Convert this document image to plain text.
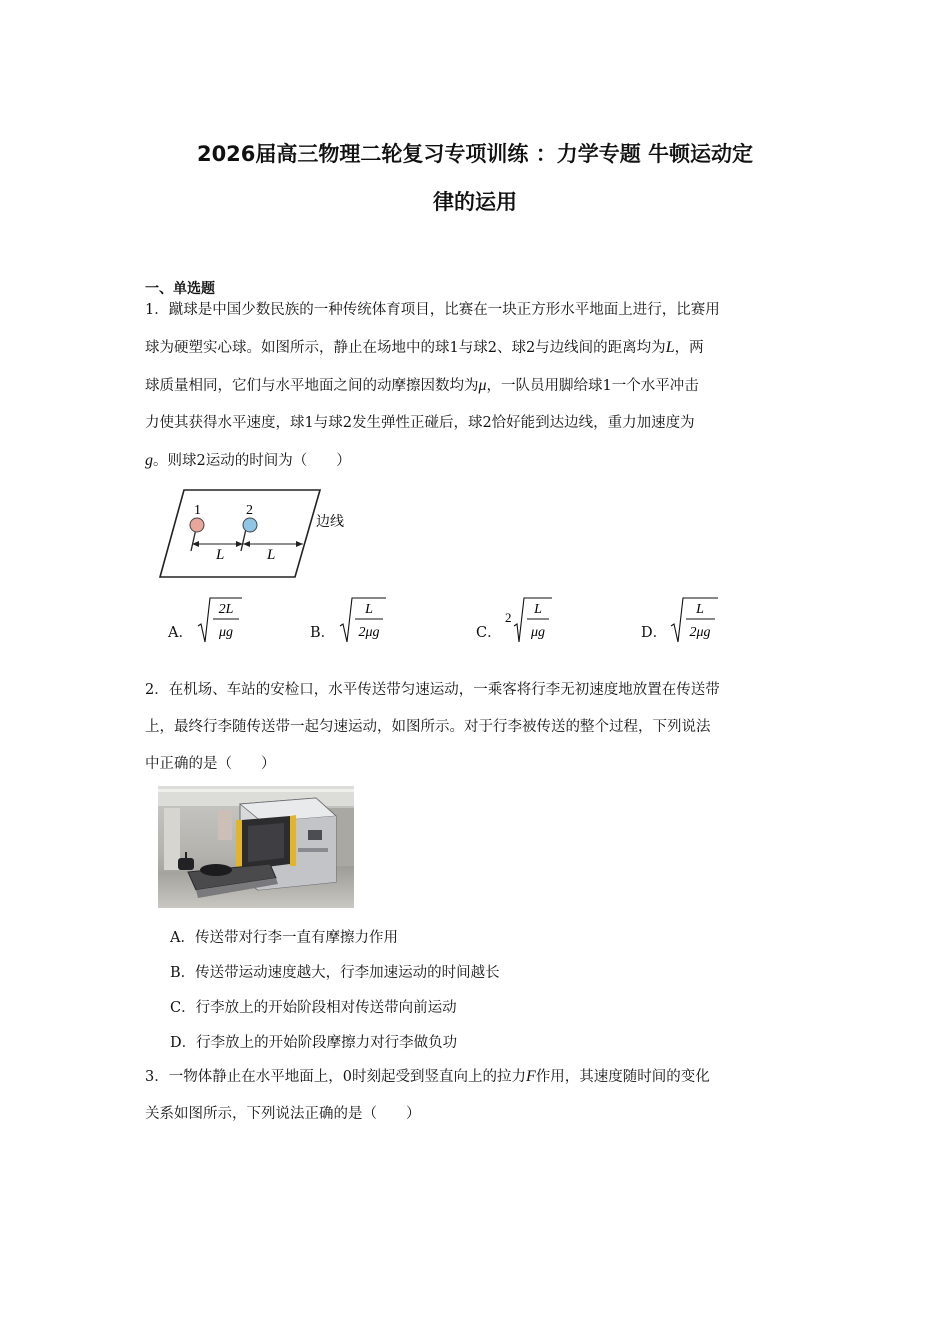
2026届高三物理二轮复习专项训练 ：力学专题 牛顿运动定
律的运用
一、单选题
1．蹴球是中国少数民族的一种传统体育项目，比赛在一块正方形水平地面上进行，比赛用
球为硬塑实心球。如图所示，静止在场地中的球1与球2、球2与边线间的距离均为L，两
球质量相同，它们与水平地面之间的动摩擦因数均为μ，一队员用脚给球1一个水平冲击
力使其获得水平速度，球1与球2发生弹性正碰后，球2恰好能到达边线，重力加速度为
g。则球2运动的时间为（　　）
1	2
L	L
边线
A．
2L
μg	B．
L
2μg	C．
2
L
μg	D．
L
2μg
2．在机场、车站的安检口，水平传送带匀速运动，一乘客将行李无初速度地放置在传送带
上，最终行李随传送带一起匀速运动，如图所示。对于行李被传送的整个过程，下列说法
中正确的是（　　）
A．传送带对行李一直有摩擦力作用
B．传送带运动速度越大，行李加速运动的时间越长
C．行李放上的开始阶段相对传送带向前运动
D．行李放上的开始阶段摩擦力对行李做负功
3．一物体静止在水平地面上，0时刻起受到竖直向上的拉力F作用，其速度随时间的变化
关系如图所示，下列说法正确的是（　　）
